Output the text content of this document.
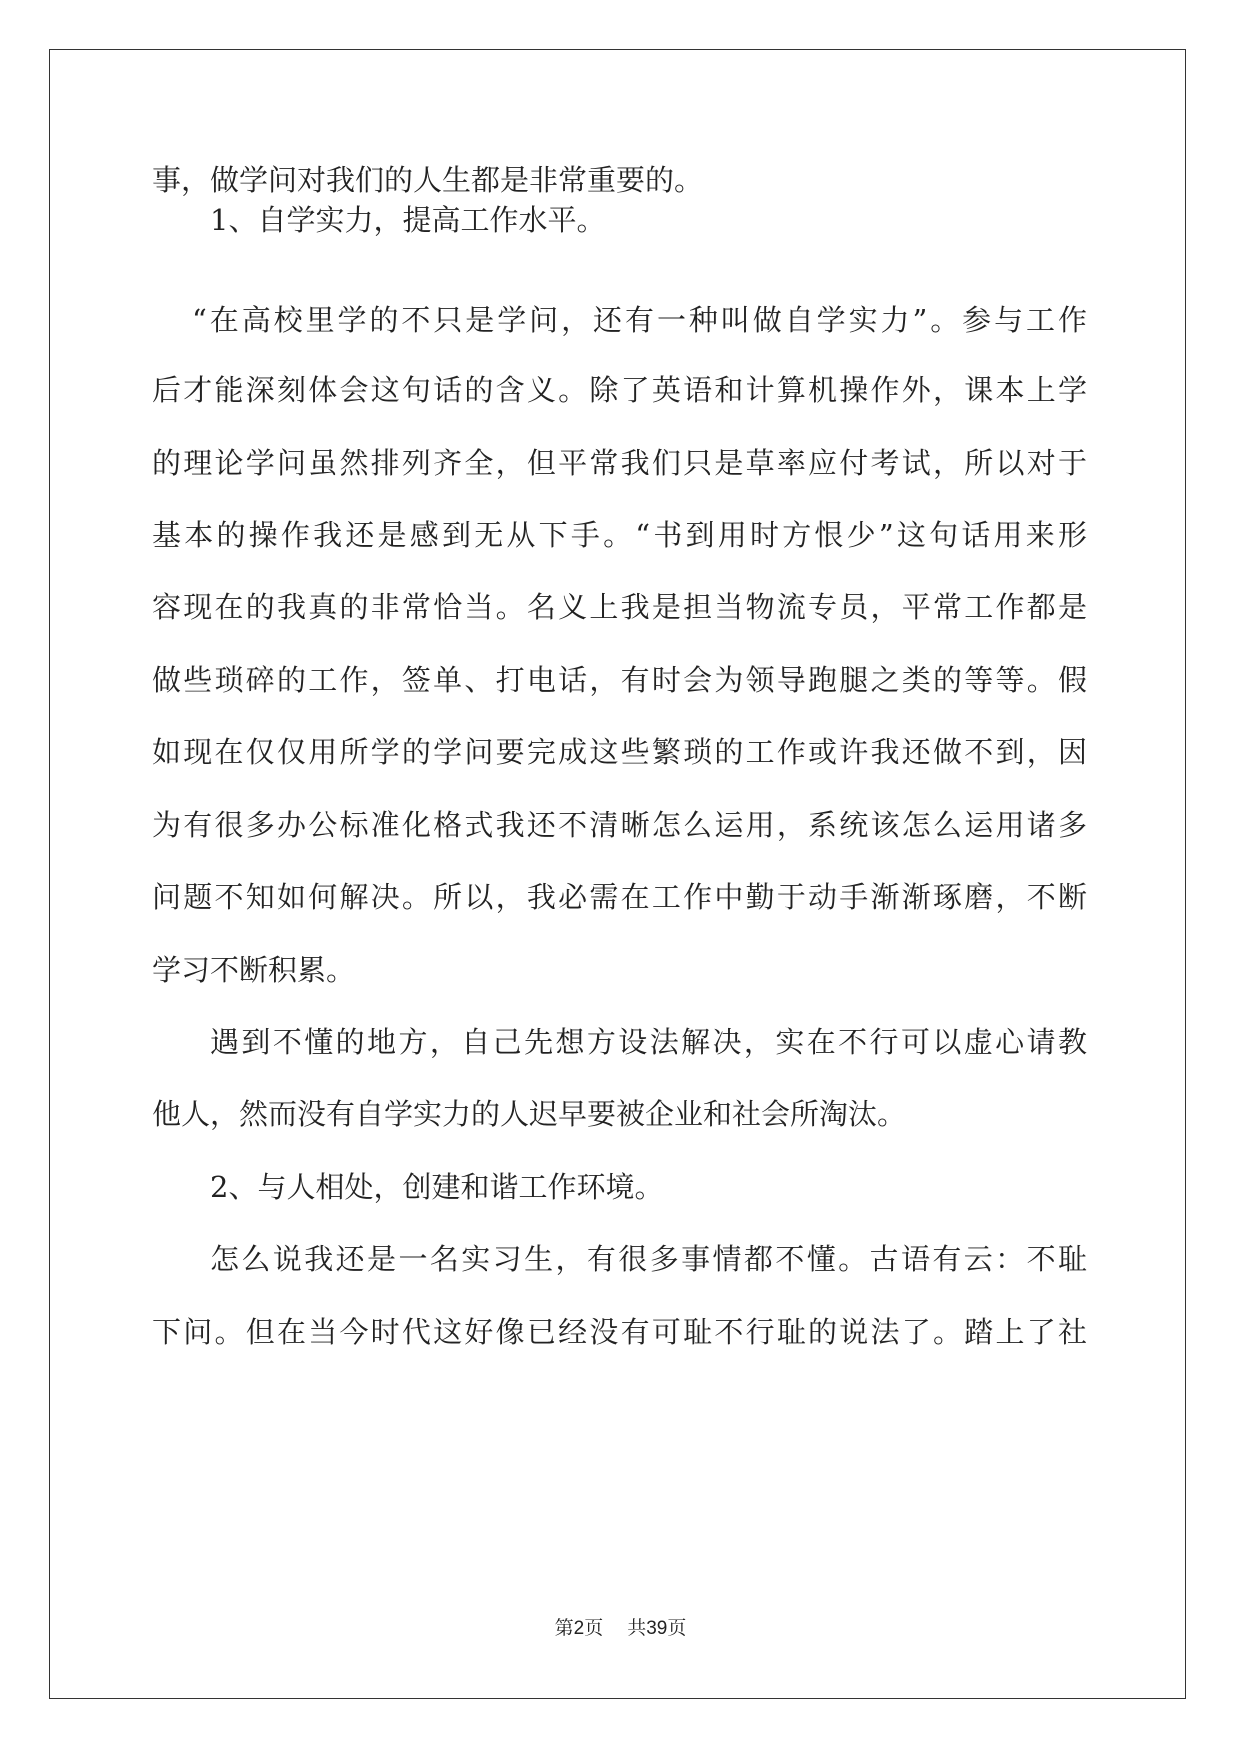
事，做学问对我们的人生都是非常重要的。
1、自学实力，提高工作水平。
“在高校里学的不只是学问，还有一种叫做自学实力”。参与工作
后才能深刻体会这句话的含义。除了英语和计算机操作外，课本上学
的理论学问虽然排列齐全，但平常我们只是草率应付考试，所以对于
基本的操作我还是感到无从下手。“书到用时方恨少”这句话用来形
容现在的我真的非常恰当。名义上我是担当物流专员，平常工作都是
做些琐碎的工作，签单、打电话，有时会为领导跑腿之类的等等。假
如现在仅仅用所学的学问要完成这些繁琐的工作或许我还做不到，因
为有很多办公标准化格式我还不清晰怎么运用，系统该怎么运用诸多
问题不知如何解决。所以，我必需在工作中勤于动手渐渐琢磨，不断
学习不断积累。
遇到不懂的地方，自己先想方设法解决，实在不行可以虚心请教
他人，然而没有自学实力的人迟早要被企业和社会所淘汰。
2、与人相处，创建和谐工作环境。
怎么说我还是一名实习生，有很多事情都不懂。古语有云：不耻
下问。但在当今时代这好像已经没有可耻不行耻的说法了。踏上了社
第2页 共39页
